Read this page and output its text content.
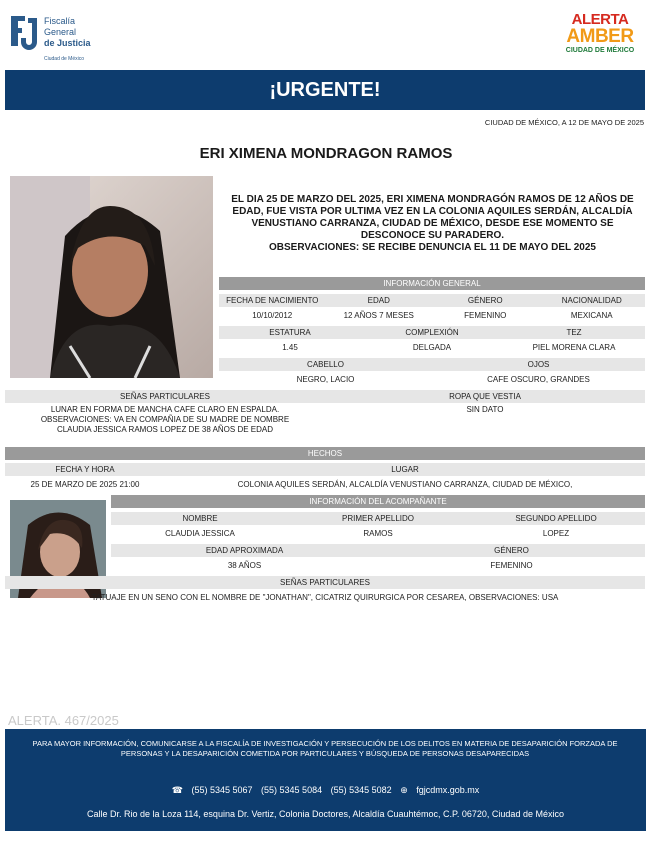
Fiscalía
General
de Justicia
Ciudad de México
ALERTA
AMBER
CIUDAD DE MÉXICO
¡URGENTE!
CIUDAD DE MÉXICO, A 12 DE MAYO DE 2025
ERI XIMENA MONDRAGON RAMOS

EL DIA 25 DE MARZO DEL 2025, ERI XIMENA MONDRAGÓN RAMOS DE 12 AÑOS DE EDAD, FUE VISTA POR ULTIMA VEZ EN LA COLONIA AQUILES SERDÁN, ALCALDÍA VENUSTIANO CARRANZA, CIUDAD DE MÉXICO, DESDE ESE MOMENTO SE DESCONOCE SU PARADERO.

OBSERVACIONES: SE RECIBE DENUNCIA EL 11 DE MAYO DEL 2025

INFORMACIÓN GENERAL
FECHA DE NACIMIENTO	EDAD	GÉNERO	NACIONALIDAD
10/10/2012	12 AÑOS 7 MESES	FEMENINO	MEXICANA
ESTATURA	COMPLEXIÓN	TEZ
1.45	DELGADA	PIEL MORENA CLARA
CABELLO	OJOS
NEGRO, LACIO	CAFE OSCURO, GRANDES
SEÑAS PARTICULARES	ROPA QUE VESTIA
LUNAR EN FORMA DE MANCHA CAFE CLARO EN ESPALDA. OBSERVACIONES: VA EN COMPAÑIA DE SU MADRE DE NOMBRE CLAUDIA JESSICA RAMOS LOPEZ DE 38 AÑOS DE EDAD
SIN DATO
HECHOS
FECHA Y HORA	LUGAR
25 DE MARZO DE 2025 21:00	COLONIA AQUILES SERDÁN, ALCALDÍA VENUSTIANO CARRANZA, CIUDAD DE MÉXICO,
INFORMACIÓN DEL ACOMPAÑANTE
NOMBRE	PRIMER APELLIDO	SEGUNDO APELLIDO
CLAUDIA JESSICA	RAMOS	LOPEZ
EDAD APROXIMADA	GÉNERO
38 AÑOS	FEMENINO
SEÑAS PARTICULARES
TATUAJE EN UN SENO CON EL NOMBRE DE "JONATHAN", CICATRIZ QUIRURGICA POR CESAREA, OBSERVACIONES: USA
ALERTA. 467/2025
PARA MAYOR INFORMACIÓN, COMUNICARSE A LA FISCALÍA DE INVESTIGACIÓN Y PERSECUCIÓN DE LOS DELITOS EN MATERIA DE DESAPARICIÓN FORZADA DE PERSONAS Y LA DESAPARICIÓN COMETIDA POR PARTICULARES Y BÚSQUEDA DE PERSONAS DESAPARECIDAS
☎ (55) 5345 5067 (55) 5345 5084 (55) 5345 5082 ⊕ fgjcdmx.gob.mx
Calle Dr. Rio de la Loza 114, esquina Dr. Vertiz, Colonia Doctores, Alcaldía Cuauhtémoc, C.P. 06720, Ciudad de México
